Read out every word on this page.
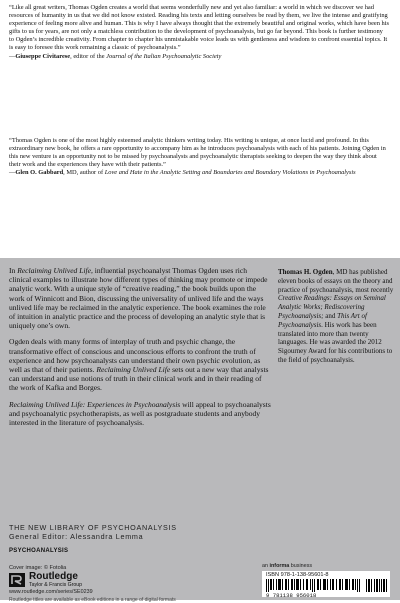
“Like all great writers, Thomas Ogden creates a world that seems wonderfully new and yet also familiar: a world in which we discover we had resources of humanity in us that we did not know existed. Reading his texts and letting ourselves be read by them, we live the intense and gratifying experience of feeling more alive and human. This is why I have always thought that the extremely beautiful and original works, which have been his gifts to us for years, are not only a matchless contribution to the development of psychoanalysis, but go far beyond. This book is further testimony to Ogden’s incredible creativity. From chapter to chapter his unmistakable voice leads us with gentleness and wisdom to confront essential topics. It is easy to foresee this work remaining a classic of psychoanalysis.”

—Giuseppe Civitarese, editor of the Journal of the Italian Psychoanalytic Society

“Thomas Ogden is one of the most highly esteemed analytic thinkers writing today. His writing is unique, at once lucid and profound. In this extraordinary new book, he offers a rare opportunity to accompany him as he introduces psychoanalysis with each of his patients. Joining Ogden in this new venture is an opportunity not to be missed by psychoanalysts and psychoanalytic therapists seeking to deepen the way they think about their work and the experiences they have with their patients.”

—Glen O. Gabbard, MD, author of Love and Hate in the Analytic Setting and Boundaries and Boundary Violations in Psychoanalysis

In Reclaiming Unlived Life, influential psychoanalyst Thomas Ogden uses rich clinical examples to illustrate how different types of thinking may promote or impede analytic work. With a unique style of “creative reading,” the book builds upon the work of Winnicott and Bion, discussing the universality of unlived life and the ways unlived life may be reclaimed in the analytic experience. The book examines the role of intuition in analytic practice and the process of developing an analytic style that is uniquely one’s own.

Ogden deals with many forms of interplay of truth and psychic change, the transformative effect of conscious and unconscious efforts to confront the truth of experience and how psychoanalysts can understand their own psychic evolution, as well as that of their patients. Reclaiming Unlived Life sets out a new way that analysts can understand and use notions of truth in their clinical work and in their reading of the work of Kafka and Borges.

Reclaiming Unlived Life: Experiences in Psychoanalysis will appeal to psychoanalysts and psychoanalytic psychotherapists, as well as postgraduate students and anybody interested in the literature of psychoanalysis.

Thomas H. Ogden, MD has published eleven books of essays on the theory and practice of psychoanalysis, most recently Creative Readings: Essays on Seminal Analytic Works; Rediscovering Psychoanalysis; and This Art of Psychoanalysis. His work has been translated into more than twenty languages. He was awarded the 2012 Sigourney Award for his contributions to the field of psychoanalysis.
THE NEW LIBRARY OF PSYCHOANALYSIS
General Editor: Alessandra Lemma
PSYCHOANALYSIS
Cover image: © Fotolia
Routledge
Taylor & Francis Group
www.routledge.com/series/SE0239
Routledge titles are available as eBook editions in a range of digital formats
an informa business
ISBN 978-1-138-95601-8
9 781138 956018
